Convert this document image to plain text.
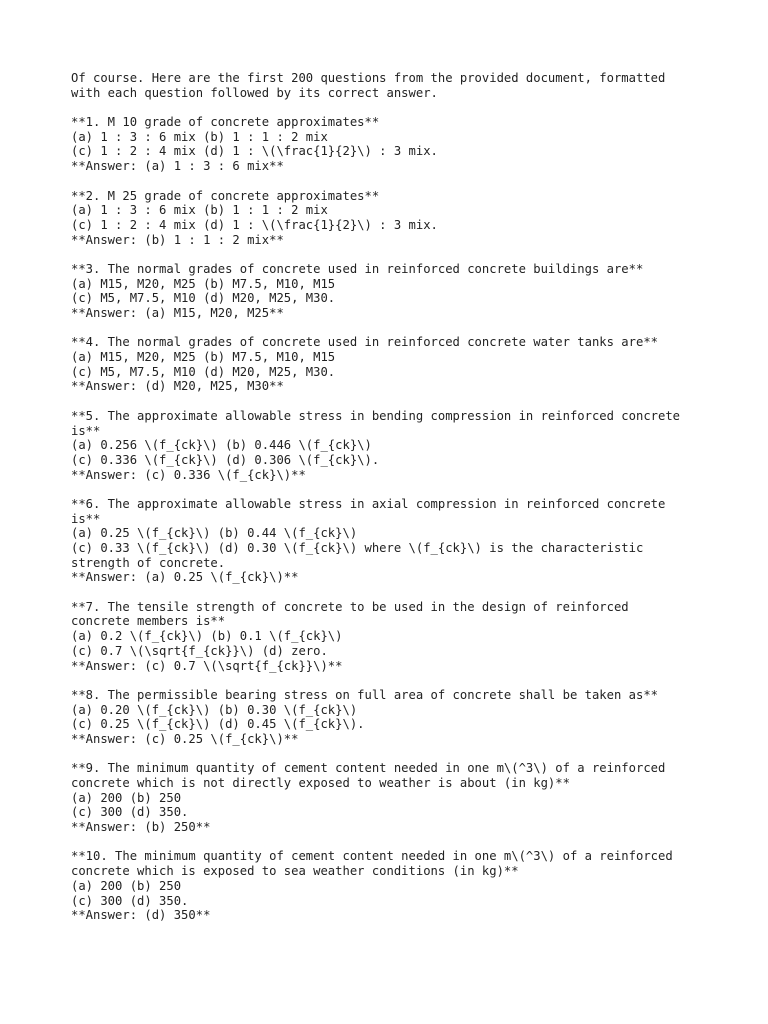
Of course. Here are the first 200 questions from the provided document, formatted
with each question followed by its correct answer.
**1. M 10 grade of concrete approximates**
(a) 1 : 3 : 6 mix (b) 1 : 1 : 2 mix
(c) 1 : 2 : 4 mix (d) 1 : \(\frac{1}{2}\) : 3 mix.
**Answer: (a) 1 : 3 : 6 mix**
**2. M 25 grade of concrete approximates**
(a) 1 : 3 : 6 mix (b) 1 : 1 : 2 mix
(c) 1 : 2 : 4 mix (d) 1 : \(\frac{1}{2}\) : 3 mix.
**Answer: (b) 1 : 1 : 2 mix**
**3. The normal grades of concrete used in reinforced concrete buildings are**
(a) M15, M20, M25 (b) M7.5, M10, M15
(c) M5, M7.5, M10 (d) M20, M25, M30.
**Answer: (a) M15, M20, M25**
**4. The normal grades of concrete used in reinforced concrete water tanks are**
(a) M15, M20, M25 (b) M7.5, M10, M15
(c) M5, M7.5, M10 (d) M20, M25, M30.
**Answer: (d) M20, M25, M30**
**5. The approximate allowable stress in bending compression in reinforced concrete
is**
(a) 0.256 \(f_{ck}\) (b) 0.446 \(f_{ck}\)
(c) 0.336 \(f_{ck}\) (d) 0.306 \(f_{ck}\).
**Answer: (c) 0.336 \(f_{ck}\)**
**6. The approximate allowable stress in axial compression in reinforced concrete
is**
(a) 0.25 \(f_{ck}\) (b) 0.44 \(f_{ck}\)
(c) 0.33 \(f_{ck}\) (d) 0.30 \(f_{ck}\) where \(f_{ck}\) is the characteristic
strength of concrete.
**Answer: (a) 0.25 \(f_{ck}\)**
**7. The tensile strength of concrete to be used in the design of reinforced
concrete members is**
(a) 0.2 \(f_{ck}\) (b) 0.1 \(f_{ck}\)
(c) 0.7 \(\sqrt{f_{ck}}\) (d) zero.
**Answer: (c) 0.7 \(\sqrt{f_{ck}}\)**
**8. The permissible bearing stress on full area of concrete shall be taken as**
(a) 0.20 \(f_{ck}\) (b) 0.30 \(f_{ck}\)
(c) 0.25 \(f_{ck}\) (d) 0.45 \(f_{ck}\).
**Answer: (c) 0.25 \(f_{ck}\)**
**9. The minimum quantity of cement content needed in one m\(^3\) of a reinforced
concrete which is not directly exposed to weather is about (in kg)**
(a) 200 (b) 250
(c) 300 (d) 350.
**Answer: (b) 250**
**10. The minimum quantity of cement content needed in one m\(^3\) of a reinforced
concrete which is exposed to sea weather conditions (in kg)**
(a) 200 (b) 250
(c) 300 (d) 350.
**Answer: (d) 350**
